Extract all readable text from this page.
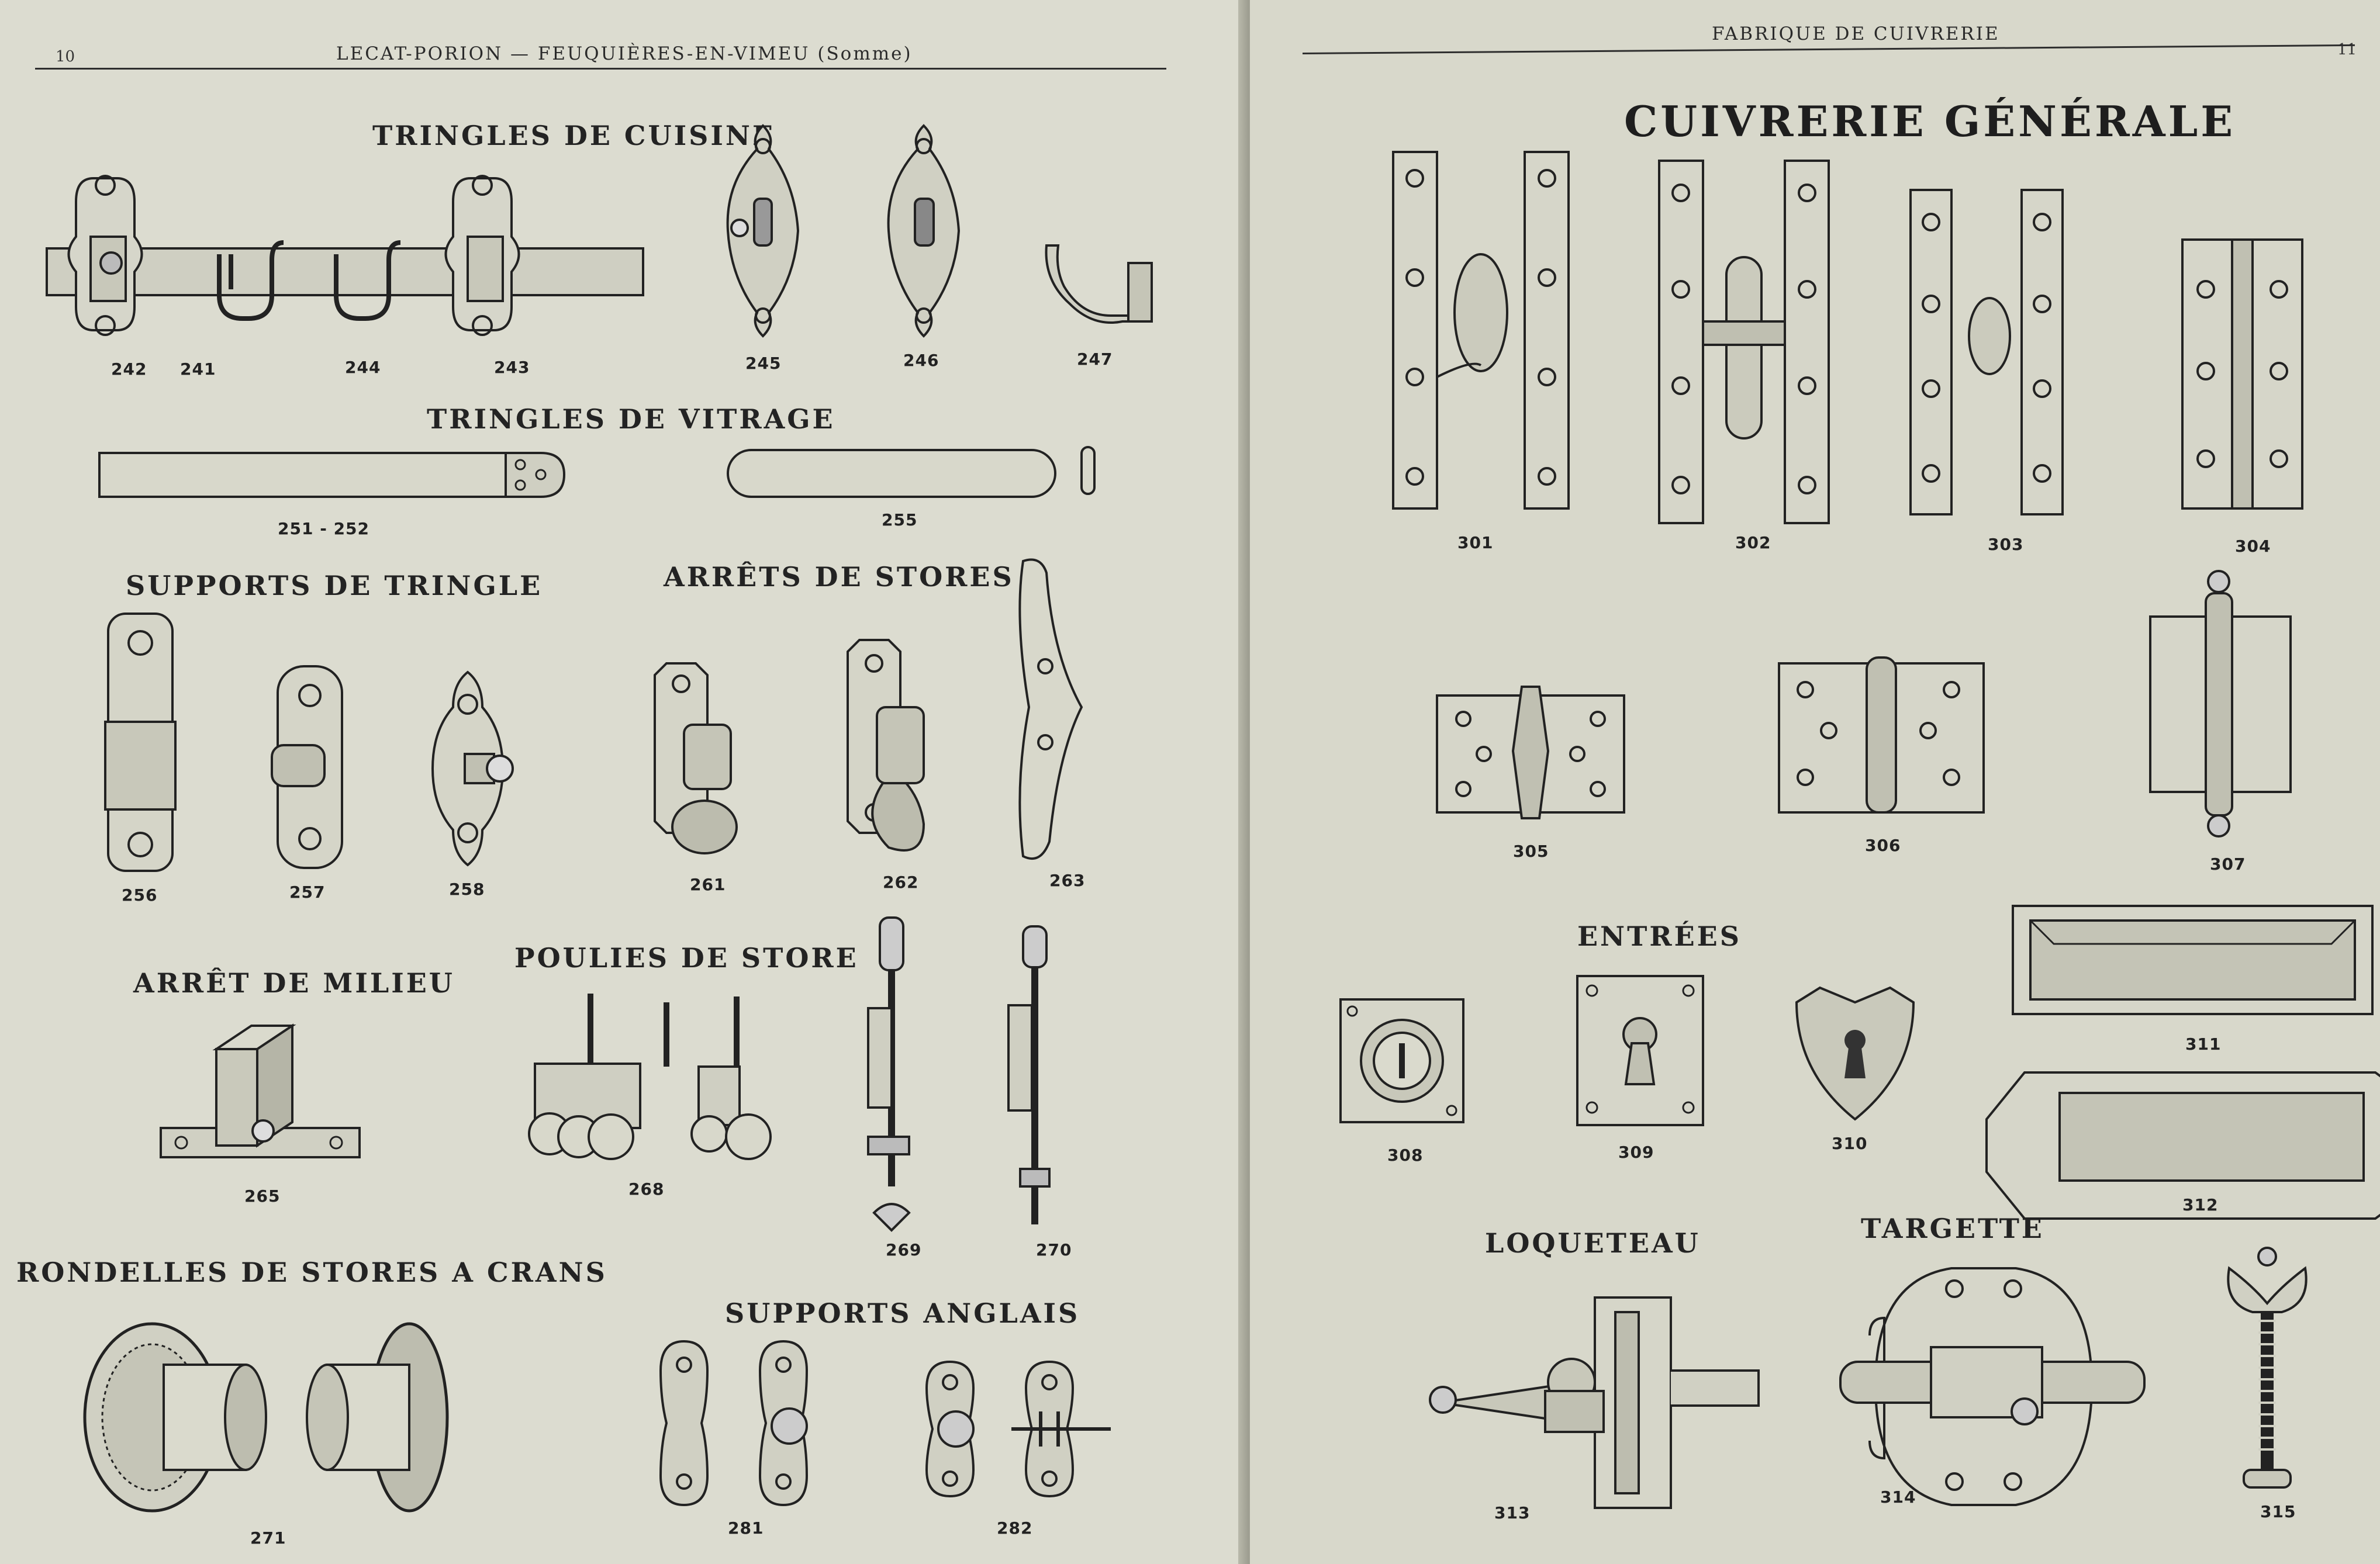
10	LECAT-PORION — FEUQUIÈRES-EN-VIMEU (Somme)
TRINGLES DE CUISINE
TRINGLES DE VITRAGE
SUPPORTS DE TRINGLE	ARRÊTS DE STORES
ARRÊT DE MILIEU
POULIES DE STORE
RONDELLES DE STORES A CRANS
SUPPORTS ANGLAIS
242 241	244	243	245	246	247
251 - 252	255
256	257	258	261	262	263
265	268
269	270
271
281	282
FABRIQUE DE CUIVRERIE
11
CUIVRERIE GÉNÉRALE
301	302	303	304
305	306
307
ENTRÉES
308	309	310
311
312
LOQUETEAU	TARGETTE
313
314
315
